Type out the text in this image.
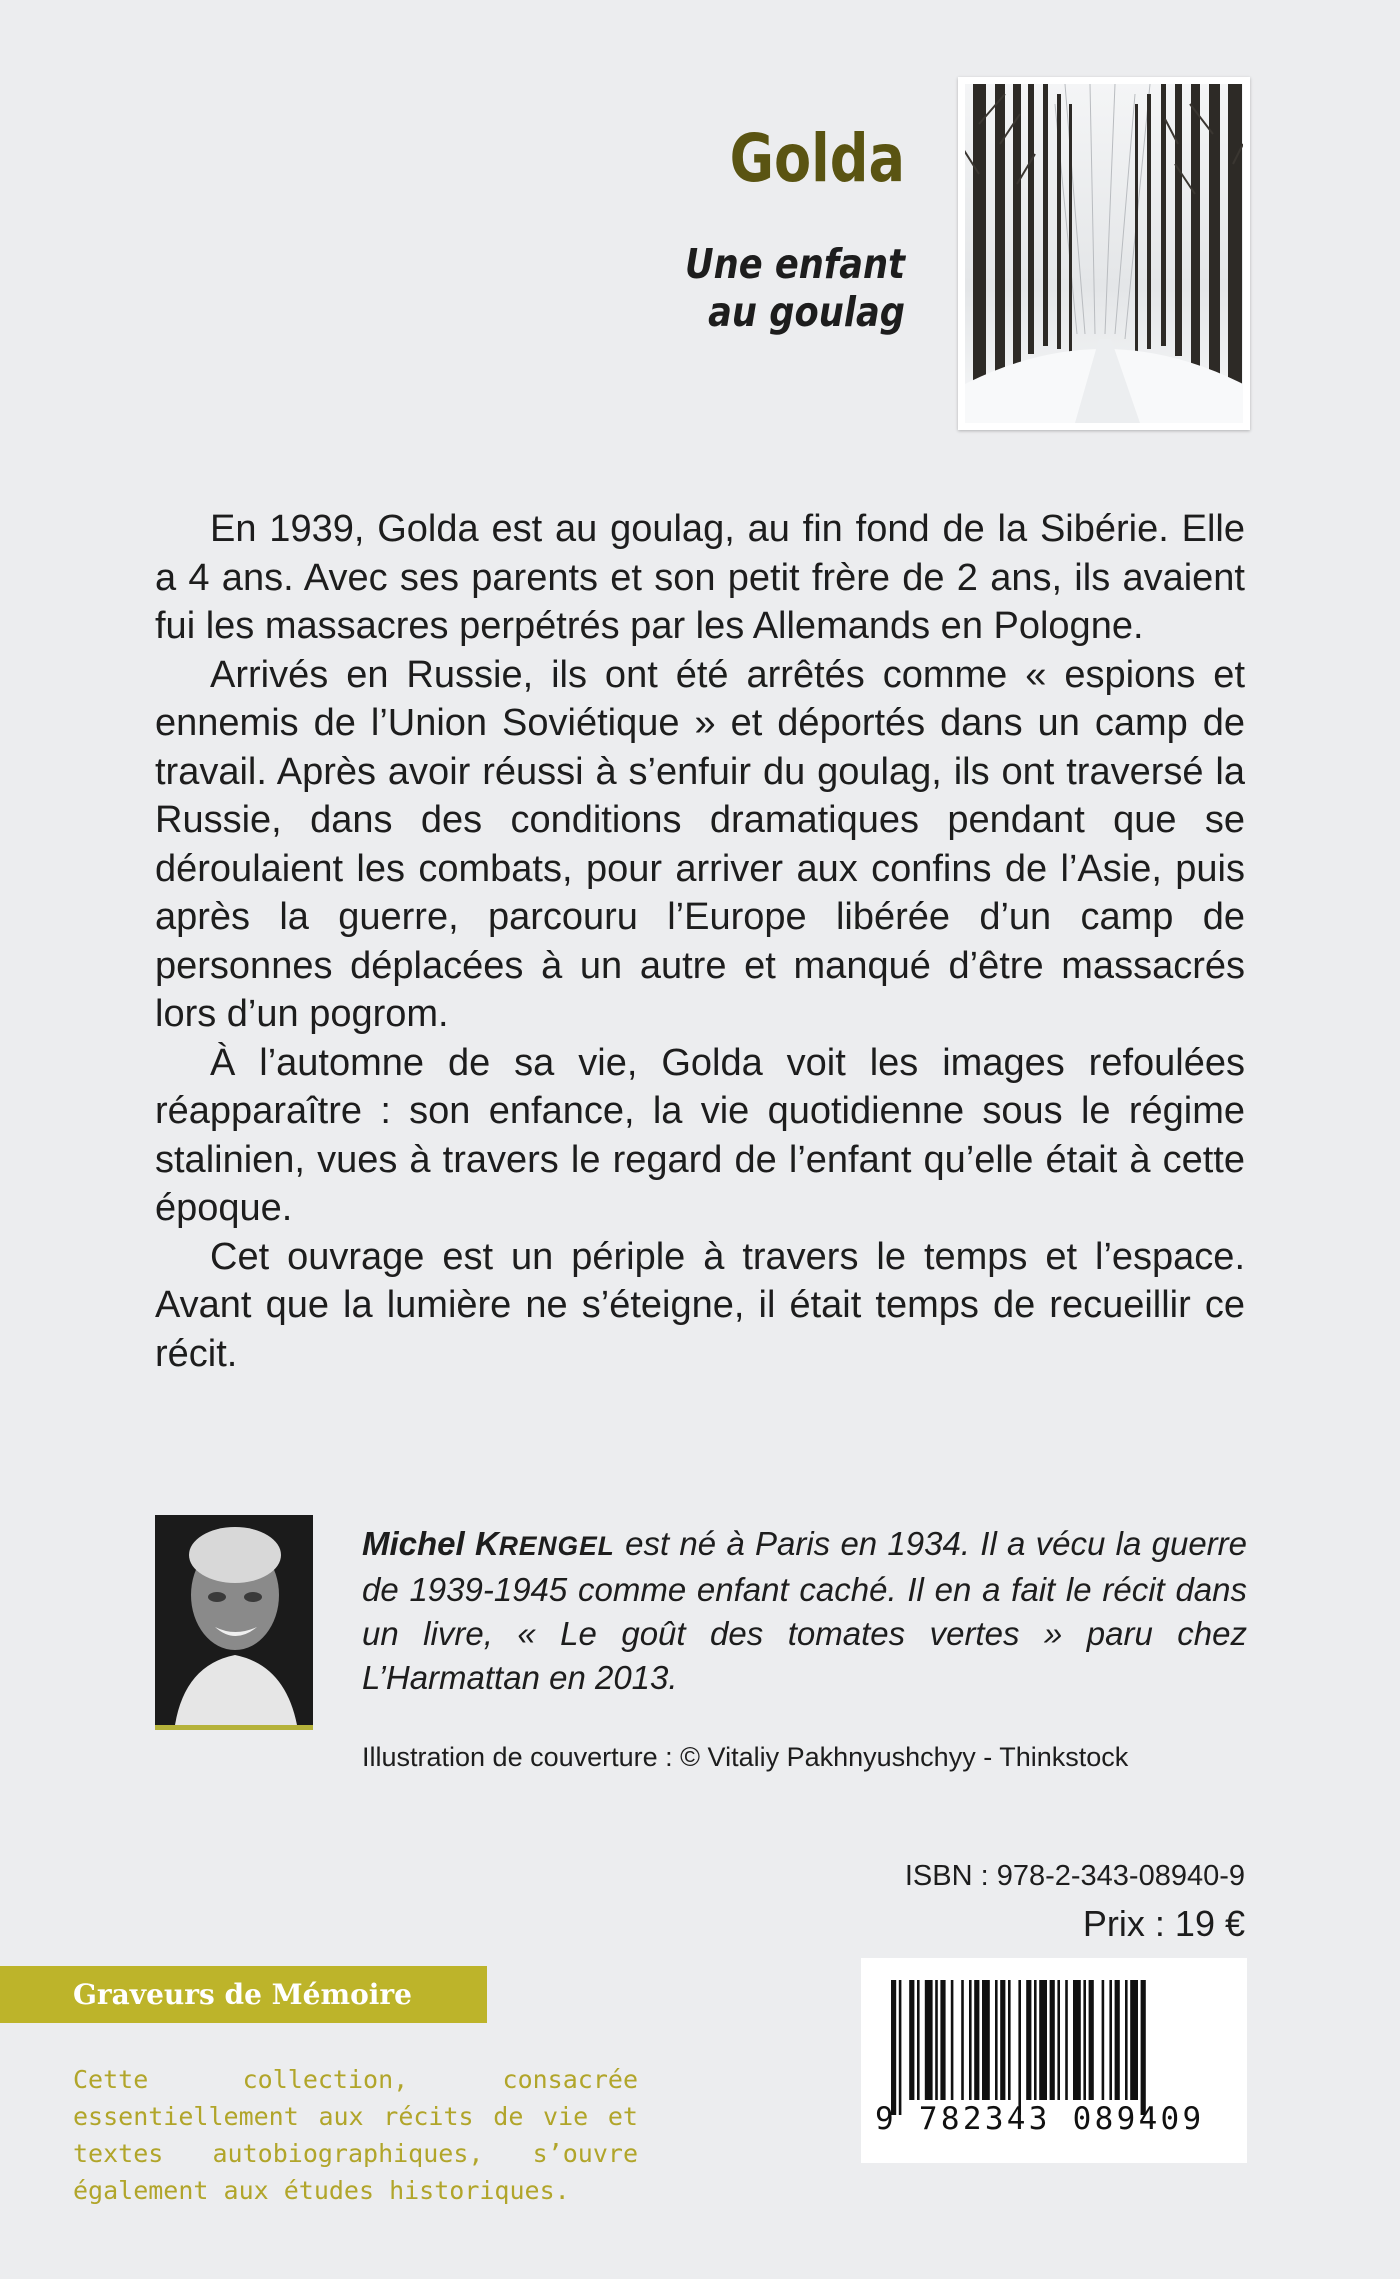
Golda
Une enfant
au goulag

En 1939, Golda est au goulag, au fin fond de la Sibérie. Elle a 4 ans. Avec ses parents et son petit frère de 2 ans, ils avaient fui les massacres perpétrés par les Allemands en Pologne.

Arrivés en Russie, ils ont été arrêtés comme « espions et ennemis de l’Union Soviétique » et déportés dans un camp de travail. Après avoir réussi à s’enfuir du goulag, ils ont traversé la Russie, dans des conditions dramatiques pendant que se déroulaient les combats, pour arriver aux confins de l’Asie, puis après la guerre, parcouru l’Europe libérée d’un camp de personnes déplacées à un autre et manqué d’être massacrés lors d’un pogrom.

À l’automne de sa vie, Golda voit les images refoulées réapparaître : son enfance, la vie quotidienne sous le régime stalinien, vues à travers le regard de l’enfant qu’elle était à cette époque.

Cet ouvrage est un périple à travers le temps et l’espace. Avant que la lumière ne s’éteigne, il était temps de recueillir ce récit.

Michel KRENGEL est né à Paris en 1934. Il a vécu la guerre de 1939-1945 comme enfant caché. Il en a fait le récit dans un livre, « Le goût des tomates vertes » paru chez L’Harmattan en 2013.
Illustration de couverture : © Vitaliy Pakhnyushchyy - Thinkstock
ISBN : 978-2-343-08940-9
Prix : 19 €
Graveurs de Mémoire
Cette collection, consacrée essentiellement aux récits de vie et textes autobiographiques, s’ouvre également aux études historiques.
9 782343 089409
